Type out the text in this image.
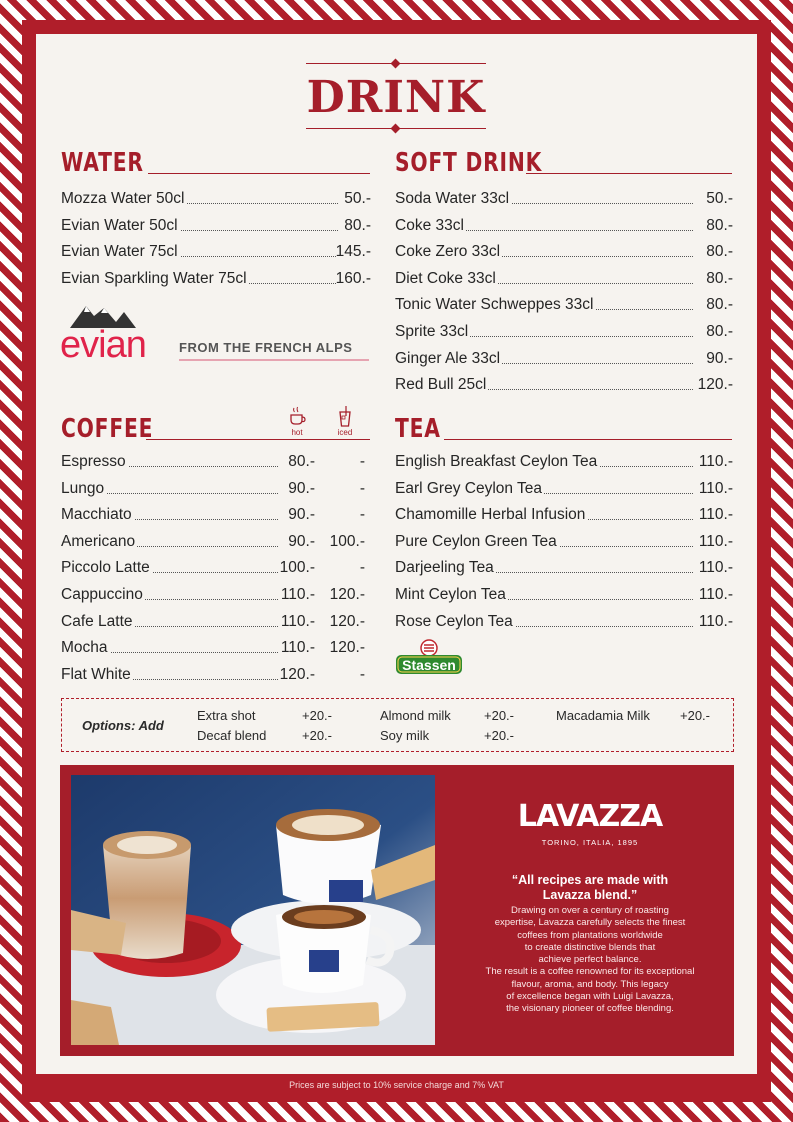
Prices are subject to 10% service charge and 7% VAT
DRINK
WATER
Mozza Water 50cl	50.-
Evian Water 50cl	80.-
Evian Water 75cl	145.-
Evian Sparkling Water 75cl	160.-
evian	FROM THE FRENCH ALPS
SOFT DRINK
Soda Water 33cl	50.-
Coke 33cl	80.-
Coke Zero 33cl	80.-
Diet Coke 33cl	80.-
Tonic Water Schweppes 33cl	80.-
Sprite 33cl	80.-
Ginger Ale 33cl	90.-
Red Bull 25cl	120.-
COFFEE	hot	iced
Espresso	80.-	-
Lungo	90.-	-
Macchiato	90.-	-
Americano	90.- 100.-
Piccolo Latte	100.-	-
Cappuccino	110.- 120.-
Cafe Latte	110.- 120.-
Mocha	110.- 120.-
Flat White	120.-	-
TEA
English Breakfast Ceylon Tea	110.-
Earl Grey Ceylon Tea	110.-
Chamomille Herbal Infusion	110.-
Pure Ceylon Green Tea	110.-
Darjeeling Tea	110.-
Mint Ceylon Tea	110.-
Rose Ceylon Tea	110.-
Stassen
Options: Add
Extra shot	+20.-
Decaf blend	+20.-
Almond milk	+20.-
Soy milk	+20.-
Macadamia Milk +20.-
LAVAZZA
TORINO, ITALIA, 1895
“All recipes are made with
Lavazza blend.”
Drawing on over a century of roasting
expertise, Lavazza carefully selects the finest
coffees from plantations worldwide
to create distinctive blends that
achieve perfect balance.
The result is a coffee renowned for its exceptional
flavour, aroma, and body. This legacy
of excellence began with Luigi Lavazza,
the visionary pioneer of coffee blending.
